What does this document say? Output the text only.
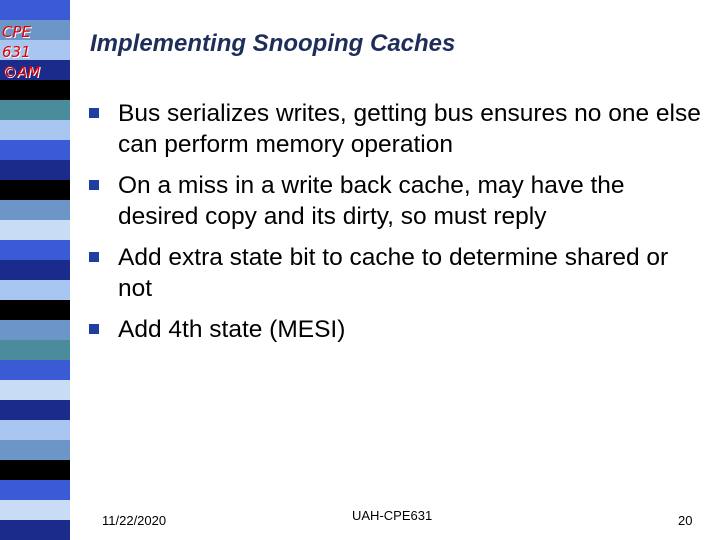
CPE
631
©AM
Implementing Snooping Caches
Bus serializes writes, getting bus ensures no one else can perform memory operation
On a miss in a write back cache, may have the desired copy and its dirty, so must reply
Add extra state bit to cache to determine shared or not
Add 4th state (MESI)
11/22/2020	UAH-CPE631	20
